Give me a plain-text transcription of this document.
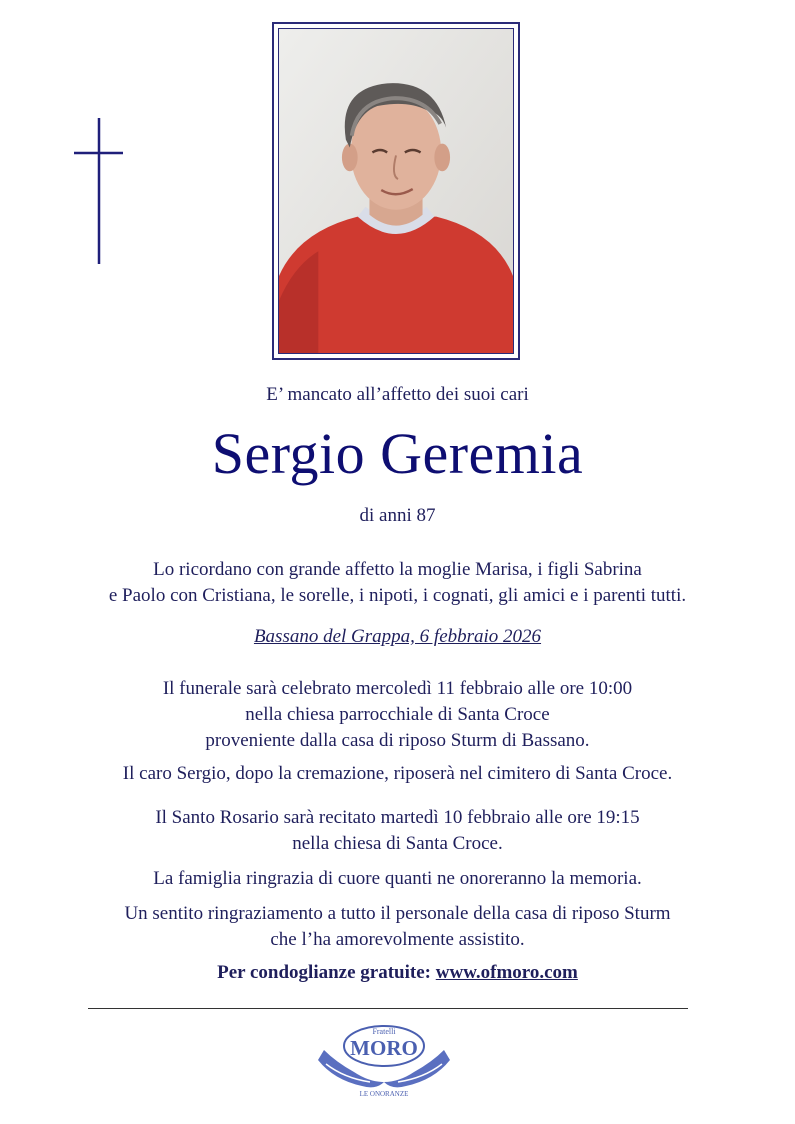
E’ mancato all’affetto dei suoi cari
Sergio Geremia
di anni 87
Lo ricordano con grande affetto la moglie Marisa, i figli Sabrina
e Paolo con Cristiana, le sorelle, i nipoti, i cognati, gli amici e i parenti tutti.
Bassano del Grappa, 6 febbraio 2026
Il funerale sarà celebrato mercoledì 11 febbraio alle ore 10:00
nella chiesa parrocchiale di Santa Croce
proveniente dalla casa di riposo Sturm di Bassano.
Il caro Sergio, dopo la cremazione, riposerà nel cimitero di Santa Croce.
Il Santo Rosario sarà recitato martedì 10 febbraio alle ore 19:15
nella chiesa di Santa Croce.
La famiglia ringrazia di cuore quanti ne onoreranno la memoria.
Un sentito ringraziamento a tutto il personale della casa di riposo Sturm
che l’ha amorevolmente assistito.
Per condoglianze gratuite: www.ofmoro.com
Fratelli
MORO
LE ONORANZE
